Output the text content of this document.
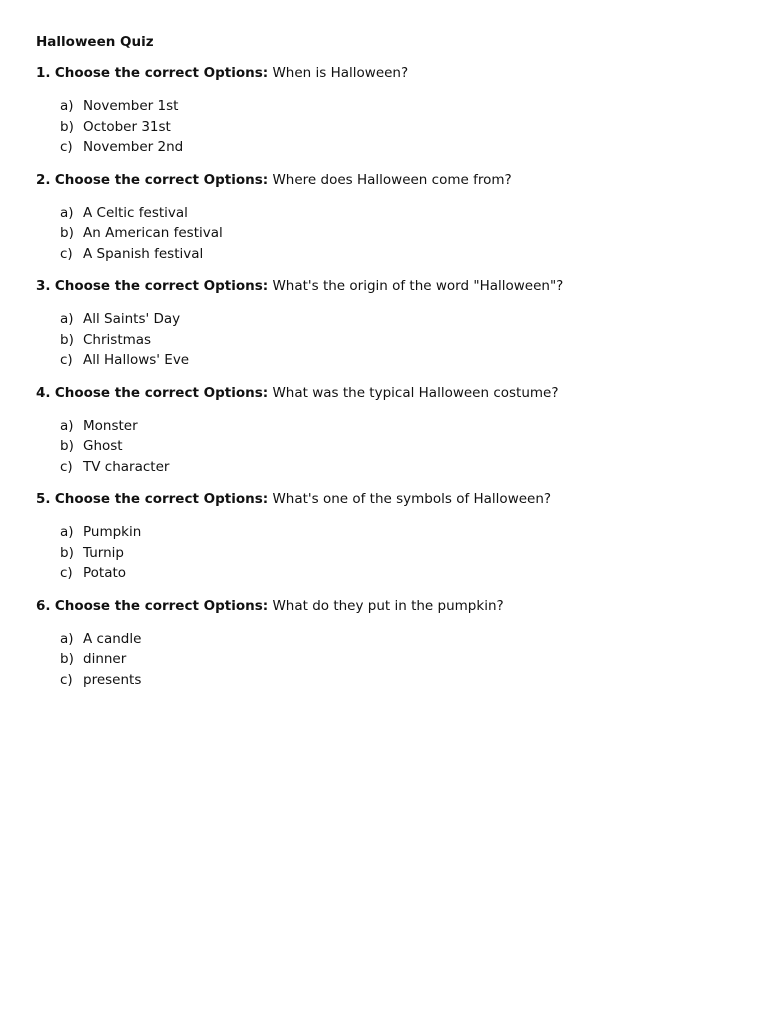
Halloween Quiz
1. Choose the correct Options: When is Halloween?
a) November 1st
b) October 31st
c) November 2nd
2. Choose the correct Options: Where does Halloween come from?
a) A Celtic festival
b) An American festival
c) A Spanish festival
3. Choose the correct Options: What's the origin of the word "Halloween"?
a) All Saints' Day
b) Christmas
c) All Hallows' Eve
4. Choose the correct Options: What was the typical Halloween costume?
a) Monster
b) Ghost
c) TV character
5. Choose the correct Options: What's one of the symbols of Halloween?
a) Pumpkin
b) Turnip
c) Potato
6. Choose the correct Options: What do they put in the pumpkin?
a) A candle
b) dinner
c) presents
